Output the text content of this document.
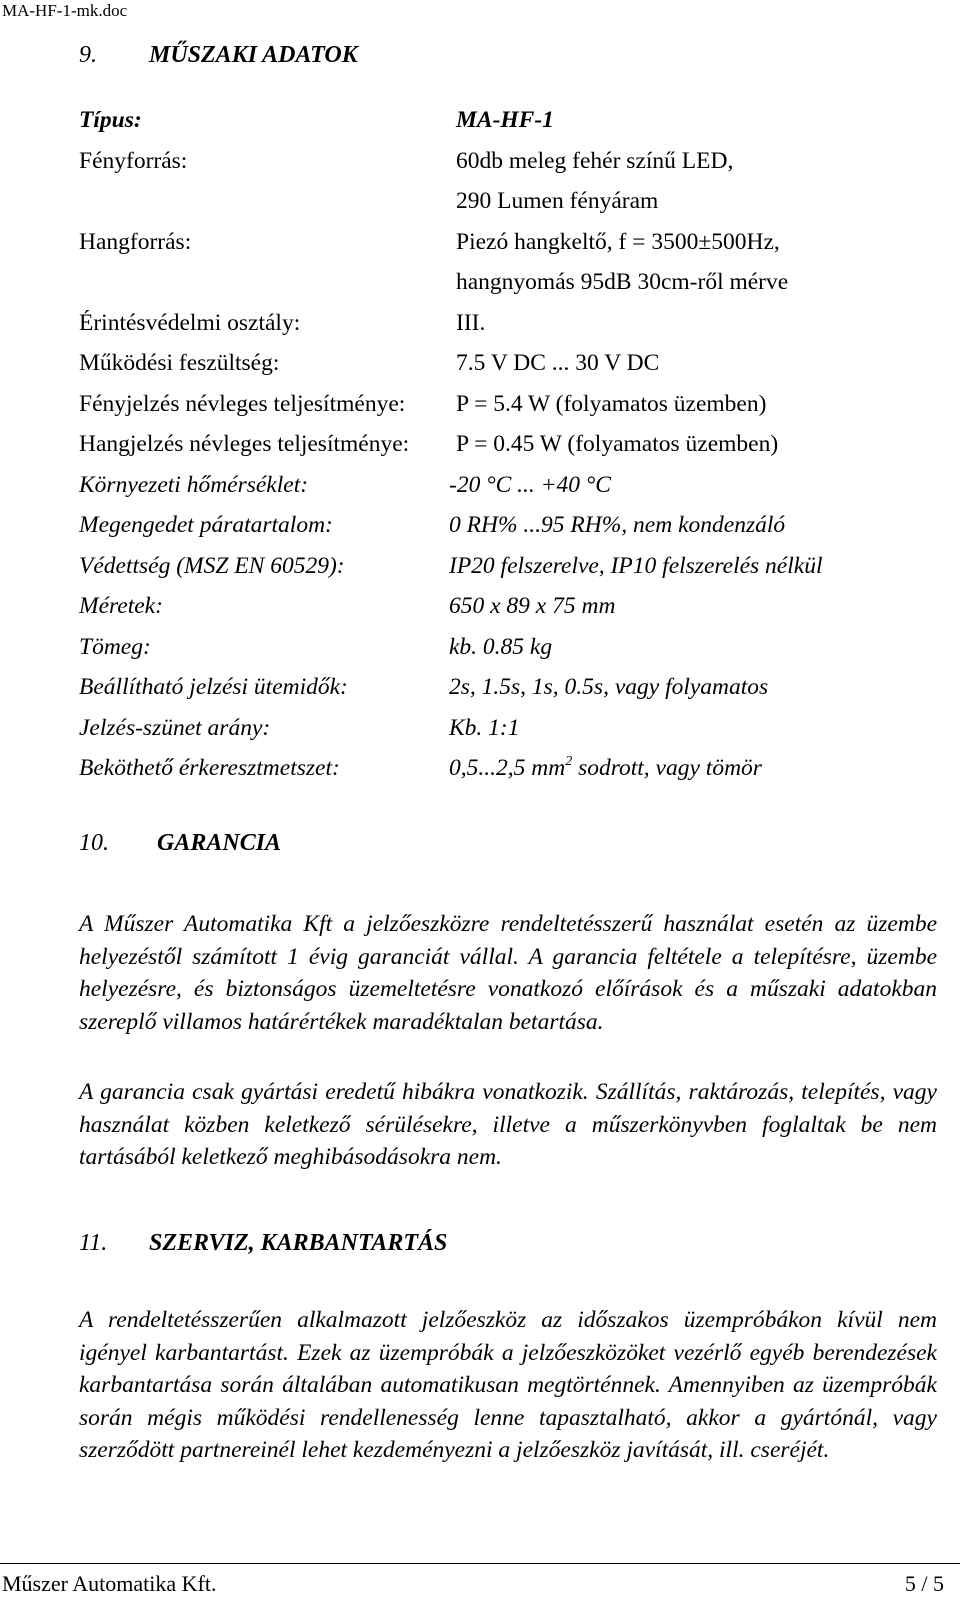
MA-HF-1-mk.doc
9. MŰSZAKI ADATOK
Típus:	MA-HF-1
Fényforrás:	60db meleg fehér színű LED,
290 Lumen fényáram
Hangforrás:	Piezó hangkeltő, f = 3500±500Hz,
hangnyomás 95dB 30cm-ről mérve
Érintésvédelmi osztály:	III.
Működési feszültség:	7.5 V DC ... 30 V DC
Fényjelzés névleges teljesítménye: P = 5.4 W (folyamatos üzemben)
Hangjelzés névleges teljesítménye: P = 0.45 W (folyamatos üzemben)
Környezeti hőmérséklet:	-20 °C ... +40 °C
Megengedet páratartalom:	0 RH% ...95 RH%, nem kondenzáló
Védettség (MSZ EN 60529):	IP20 felszerelve, IP10 felszerelés nélkül
Méretek:	650 x 89 x 75 mm
Tömeg:	kb. 0.85 kg
Beállítható jelzési ütemidők:	2s, 1.5s, 1s, 0.5s, vagy folyamatos
Jelzés-szünet arány:	Kb. 1:1
Beköthető érkeresztmetszet:	0,5...2,5 $mm^2$ sodrott, vagy tömör
10. GARANCIA

A Műszer Automatika Kft a jelzőeszközre rendeltetésszerű használat esetén az üzembe helyezéstől számított 1 évig garanciát vállal. A garancia feltétele a telepítésre, üzembe helyezésre, és biztonságos üzemeltetésre vonatkozó előírások és a műszaki adatokban szereplő villamos határértékek maradéktalan betartása.

A garancia csak gyártási eredetű hibákra vonatkozik. Szállítás, raktározás, telepítés, vagy használat közben keletkező sérülésekre, illetve a műszerkönyvben foglaltak be nem tartásából keletkező meghibásodásokra nem.

11. SZERVIZ, KARBANTARTÁS

A rendeltetésszerűen alkalmazott jelzőeszköz az időszakos üzempróbákon kívül nem igényel karbantartást. Ezek az üzempróbák a jelzőeszközöket vezérlő egyéb berendezések karbantartása során általában automatikusan megtörténnek. Amennyiben az üzempróbák során mégis működési rendellenesség lenne tapasztalható, akkor a gyártónál, vagy szerződött partnereinél lehet kezdeményezni a jelzőeszköz javítását, ill. cseréjét.

Műszer Automatika Kft.	5 / 5
